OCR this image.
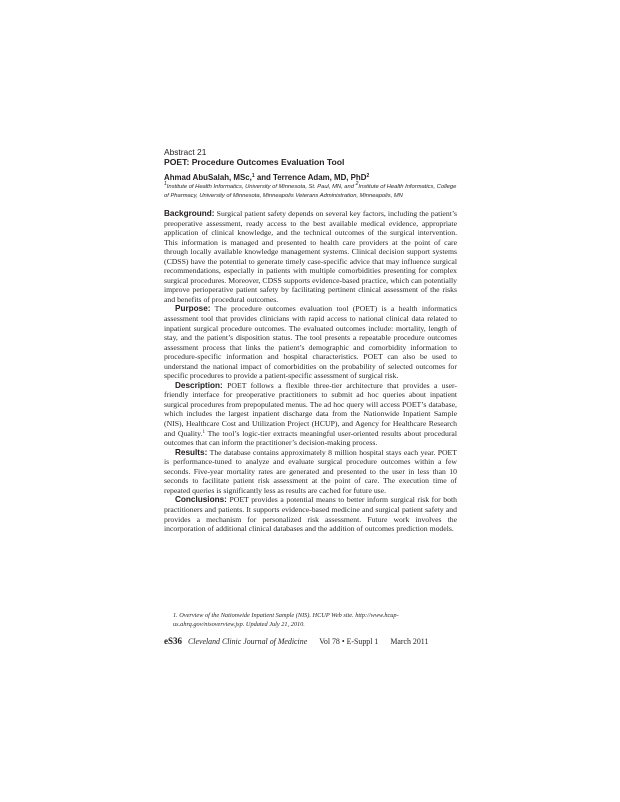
Abstract 21
POET: Procedure Outcomes Evaluation Tool
Ahmad AbuSalah, MSc,$^1$ and Terrence Adam, MD, PhD$^2$
$^1$Institute of Health Informatics, University of Minnesota, St. Paul, MN, and $^2$Institute of Health Informatics, College of Pharmacy, University of Minnesota, Minneapolis Veterans Administration, Minneapolis, MN

Background: Surgical patient safety depends on several key factors, including the patient’s preoperative assessment, ready access to the best available medical evidence, appropriate application of clinical knowledge, and the technical outcomes of the surgical intervention. This information is managed and presented to health care providers at the point of care through locally available knowledge management systems. Clinical decision support systems (CDSS) have the potential to generate timely case-specific advice that may influence surgical recommendations, especially in patients with multiple comorbidities presenting for complex surgical procedures. Moreover, CDSS supports evidence-based practice, which can potentially improve perioperative patient safety by facilitating pertinent clinical assessment of the risks and benefits of procedural outcomes.

Purpose: The procedure outcomes evaluation tool (POET) is a health informatics assessment tool that provides clinicians with rapid access to national clinical data related to inpatient surgical procedure outcomes. The evaluated outcomes include: mortality, length of stay, and the patient’s disposition status. The tool presents a repeatable procedure outcomes assessment process that links the patient’s demographic and comorbidity information to procedure-specific information and hospital characteristics. POET can also be used to understand the national impact of comorbidities on the probability of selected outcomes for specific procedures to provide a patient-specific assessment of surgical risk.

Description: POET follows a flexible three-tier architecture that provides a user-friendly interface for preoperative practitioners to submit ad hoc queries about inpatient surgical procedures from prepopulated menus. The ad hoc query will access POET’s database, which includes the largest inpatient discharge data from the Nationwide Inpatient Sample (NIS), Healthcare Cost and Utilization Project (HCUP), and Agency for Healthcare Research and Quality.$^1$ The tool’s logic-tier extracts meaningful user-oriented results about procedural outcomes that can inform the practitioner’s decision-making process.

Results: The database contains approximately 8 million hospital stays each year. POET is performance-tuned to analyze and evaluate surgical procedure outcomes within a few seconds. Five-year mortality rates are generated and presented to the user in less than 10 seconds to facilitate patient risk assessment at the point of care. The execution time of repeated queries is significantly less as results are cached for future use.

Conclusions: POET provides a potential means to better inform surgical risk for both practitioners and patients. It supports evidence-based medicine and surgical patient safety and provides a mechanism for personalized risk assessment. Future work involves the incorporation of additional clinical databases and the addition of outcomes prediction models.

1. Overview of the Nationwide Inpatient Sample (NIS). HCUP Web site. http://www.hcup-us.ahrq.gov/nisoverview.jsp. Updated July 21, 2010.
eS36 Cleveland Clinic Journal of Medicine Vol 78 • E-Suppl 1 March 2011
